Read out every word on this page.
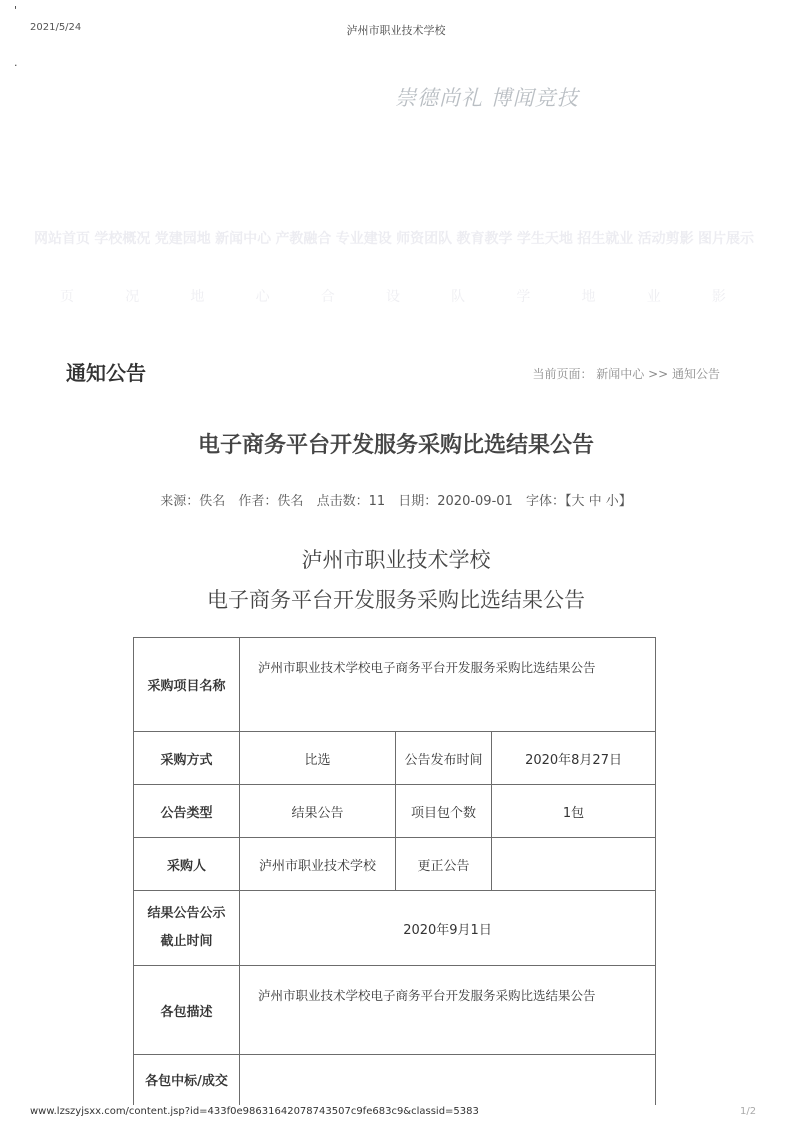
2021/5/24	泸州市职业技术学校
'
.
崇德尚礼 博闻竞技
网站首页 学校概况 党建园地 新闻中心 产教融合 专业建设 师资团队 教育教学 学生天地 招生就业 活动剪影 图片展示
页	况	地	心	合	设	队	学	地	业	影
通知公告	当前页面： 新闻中心 >> 通知公告
电子商务平台开发服务采购比选结果公告
来源：佚名 作者：佚名 点击数：11 日期：2020-09-01 字体：【大 中 小】
泸州市职业技术学校
电子商务平台开发服务采购比选结果公告
采购项目名称	泸州市职业技术学校电子商务平台开发服务采购比选结果公告		
采购方式	比选	公告发布时间	2020年8月27日
公告类型	结果公告	项目包个数	1包
采购人	泸州市职业技术学校	更正公告	

结果公告公示
截止时间	2020年9月1日		
各包描述	泸州市职业技术学校电子商务平台开发服务采购比选结果公告		
各包中标/成交			
www.lzszyjsxx.com/content.jsp?id=433f0e98631642078743507c9fe683c9&classid=5383	1/2
